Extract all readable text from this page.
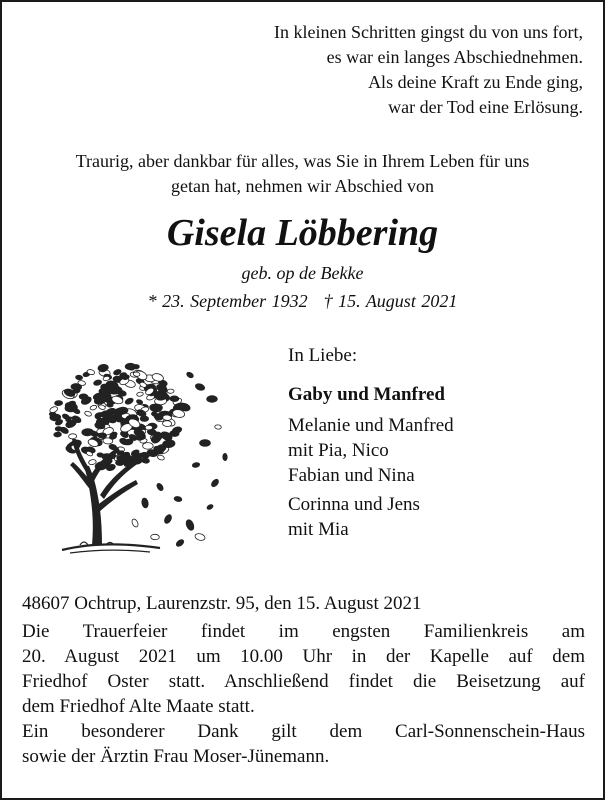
In kleinen Schritten gingst du von uns fort,
es war ein langes Abschiednehmen.
Als deine Kraft zu Ende ging,
war der Tod eine Erlösung.
Traurig, aber dankbar für alles, was Sie in Ihrem Leben für uns
getan hat, nehmen wir Abschied von
Gisela Löbbering
geb. op de Bekke
* 23. September 1932 † 15. August 2021
In Liebe:
Gaby und Manfred
Melanie und Manfred
mit Pia, Nico
Fabian und Nina
Corinna und Jens
mit Mia
48607 Ochtrup, Laurenzstr. 95, den 15. August 2021
Die Trauerfeier findet im engsten Familienkreis am
20. August 2021 um 10.00 Uhr in der Kapelle auf dem
Friedhof Oster statt. Anschließend findet die Beisetzung auf
dem Friedhof Alte Maate statt.
Ein besonderer Dank gilt dem Carl-Sonnenschein-Haus
sowie der Ärztin Frau Moser-Jünemann.
